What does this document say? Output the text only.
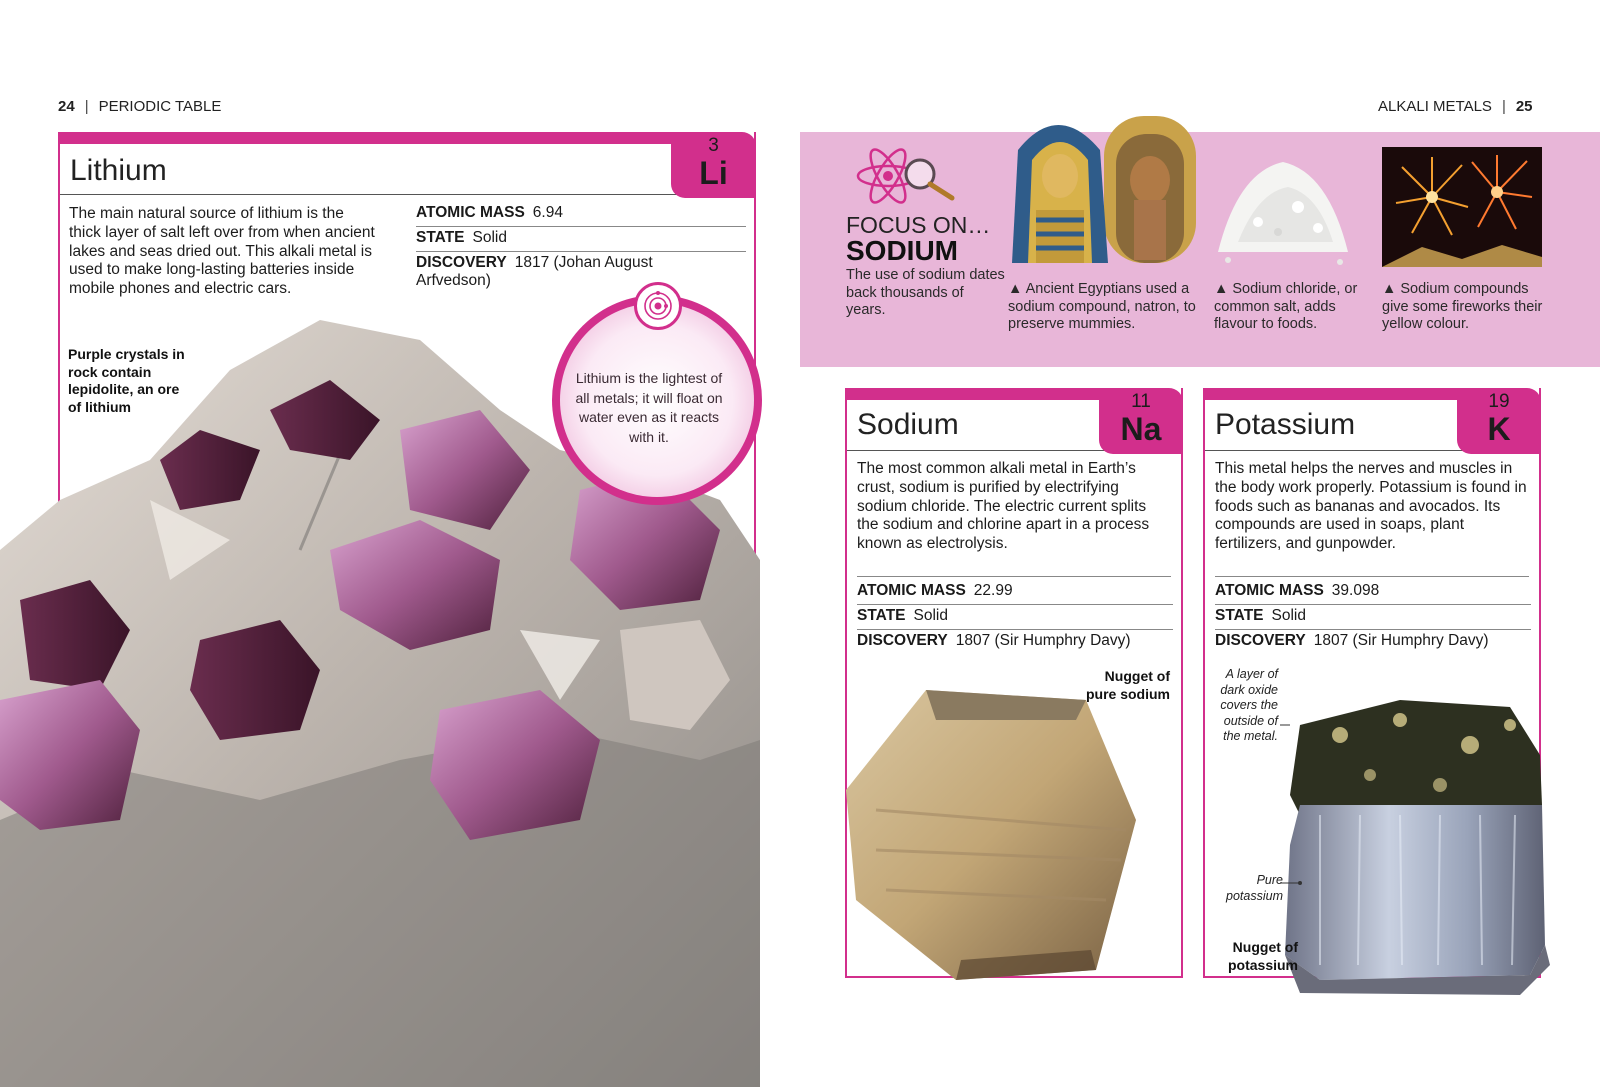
24 | PERIODIC TABLE	ALKALI METALS | 25
Lithium
The main natural source of lithium is the thick layer of salt left over from when ancient lakes and seas dried out. This alkali metal is used to make long-lasting batteries inside mobile phones and electric cars.
ATOMIC MASS 6.94
STATE Solid
DISCOVERY 1817 (Johan August Arfvedson)
3
Li
Purple crystals in rock contain lepidolite, an ore of lithium
Lithium is the lightest of all metals; it will float on water even as it reacts with it.
FOCUS ON…
SODIUM
The use of sodium dates back thousands of years.
▲ Ancient Egyptians used a sodium compound, natron, to preserve mummies.
▲ Sodium chloride, or common salt, adds flavour to foods.
▲ Sodium compounds give some fireworks their yellow colour.
Sodium
The most common alkali metal in Earth’s crust, sodium is purified by electrifying sodium chloride. The electric current splits the sodium and chlorine apart in a process known as electrolysis.
ATOMIC MASS 22.99
STATE Solid
DISCOVERY 1807 (Sir Humphry Davy)
11
Na
Nugget of pure sodium
Potassium
This metal helps the nerves and muscles in the body work properly. Potassium is found in foods such as bananas and avocados. Its compounds are used in soaps, plant fertilizers, and gunpowder.
ATOMIC MASS 39.098
STATE Solid
DISCOVERY 1807 (Sir Humphry Davy)
19
K
A layer of dark oxide covers the outside of the metal.
Pure potassium
Nugget of potassium
